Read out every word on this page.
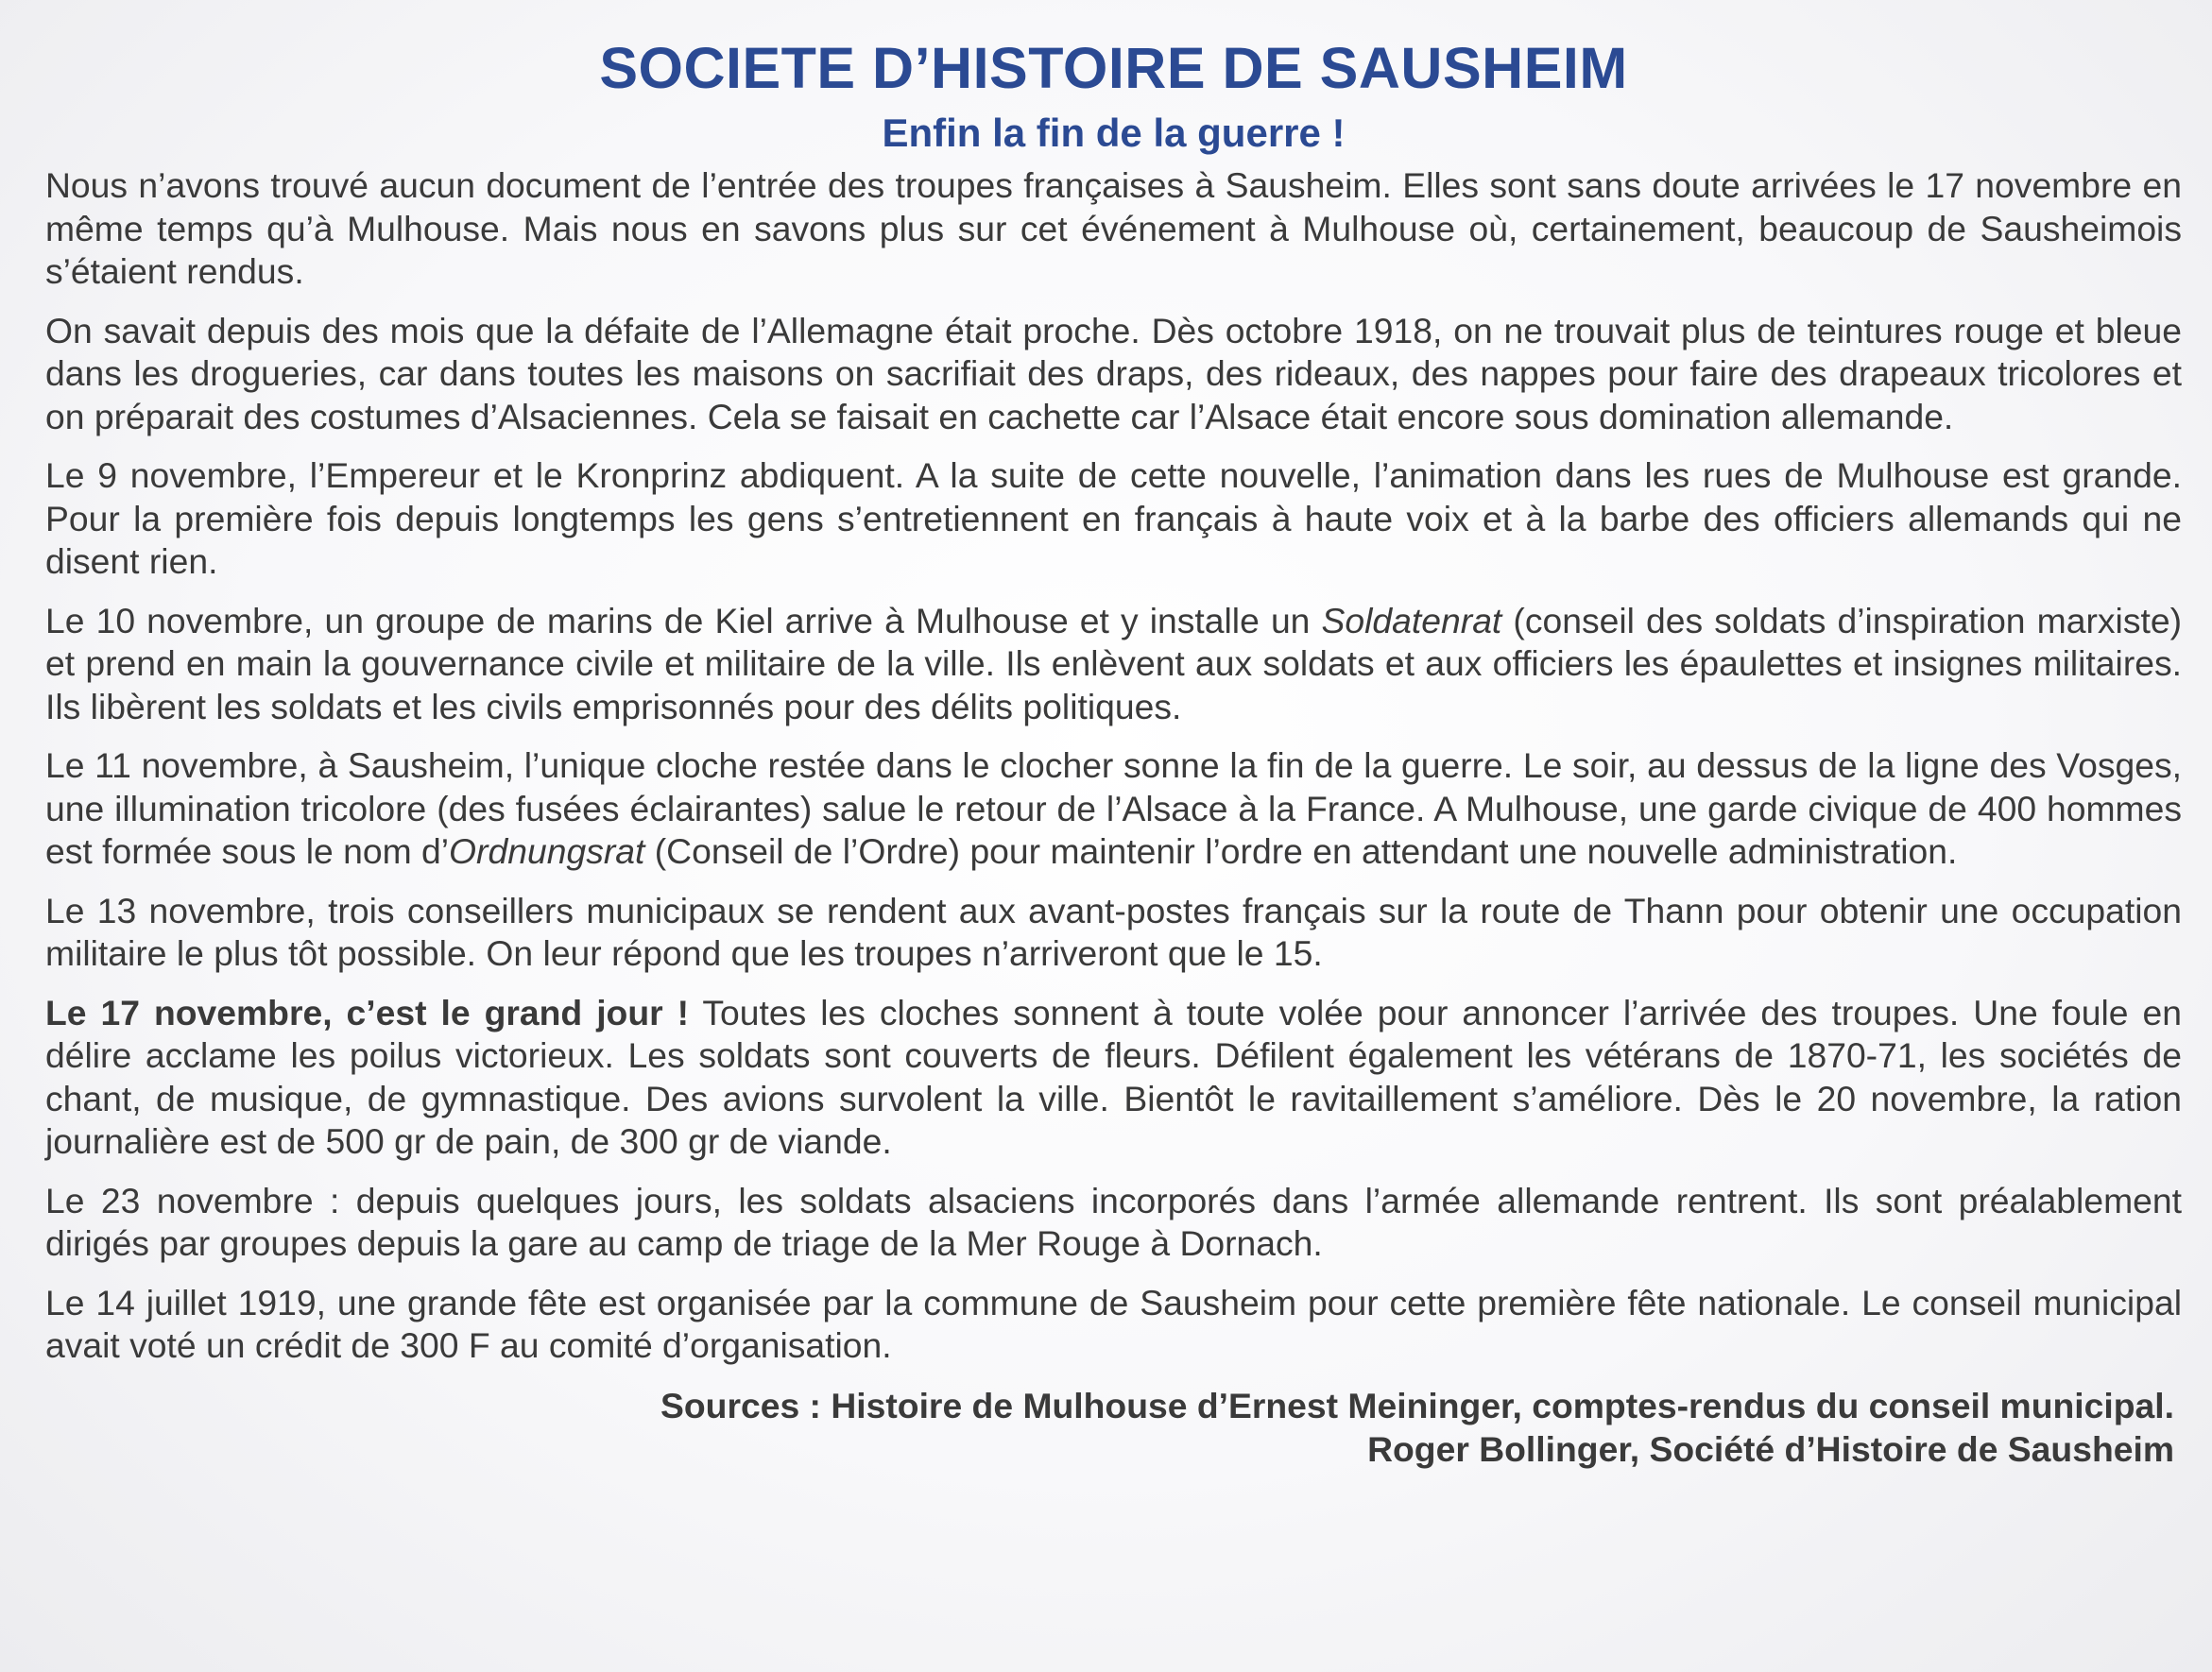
SOCIETE D’HISTOIRE DE SAUSHEIM
Enfin la fin de la guerre !

Nous n’avons trouvé aucun document de l’entrée des troupes françaises à Sausheim. Elles sont sans doute arrivées le 17 novembre en même temps qu’à Mulhouse. Mais nous en savons plus sur cet événement à Mulhouse où, certainement, beaucoup de Sausheimois s’étaient rendus.

On savait depuis des mois que la défaite de l’Allemagne était proche. Dès octobre 1918, on ne trouvait plus de teintures rouge et bleue dans les drogueries, car dans toutes les maisons on sacrifiait des draps, des rideaux, des nappes pour faire des drapeaux tricolores et on préparait des costumes d’Alsaciennes. Cela se faisait en cachette car l’Alsace était encore sous domination allemande.

Le 9 novembre, l’Empereur et le Kronprinz abdiquent. A la suite de cette nouvelle, l’animation dans les rues de Mulhouse est grande. Pour la première fois depuis longtemps les gens s’entretiennent en français à haute voix et à la barbe des officiers allemands qui ne disent rien.

Le 10 novembre, un groupe de marins de Kiel arrive à Mulhouse et y installe un Soldatenrat (conseil des soldats d’inspiration marxiste) et prend en main la gouvernance civile et militaire de la ville. Ils enlèvent aux soldats et aux officiers les épaulettes et insignes militaires. Ils libèrent les soldats et les civils emprisonnés pour des délits politiques.

Le 11 novembre, à Sausheim, l’unique cloche restée dans le clocher sonne la fin de la guerre. Le soir, au dessus de la ligne des Vosges, une illumination tricolore (des fusées éclairantes) salue le retour de l’Alsace à la France. A Mulhouse, une garde civique de 400 hommes est formée sous le nom d’Ordnungsrat (Conseil de l’Ordre) pour maintenir l’ordre en attendant une nouvelle administration.

Le 13 novembre, trois conseillers municipaux se rendent aux avant-postes français sur la route de Thann pour obtenir une occupation militaire le plus tôt possible. On leur répond que les troupes n’arriveront que le 15.

Le 17 novembre, c’est le grand jour ! Toutes les cloches sonnent à toute volée pour annoncer l’arrivée des troupes. Une foule en délire acclame les poilus victorieux. Les soldats sont couverts de fleurs. Défilent également les vétérans de 1870-71, les sociétés de chant, de musique, de gymnastique. Des avions survolent la ville. Bientôt le ravitaillement s’améliore. Dès le 20 novembre, la ration journalière est de 500 gr de pain, de 300 gr de viande.

Le 23 novembre : depuis quelques jours, les soldats alsaciens incorporés dans l’armée allemande rentrent. Ils sont préalablement dirigés par groupes depuis la gare au camp de triage de la Mer Rouge à Dornach.

Le 14 juillet 1919, une grande fête est organisée par la commune de Sausheim pour cette première fête nationale. Le conseil municipal avait voté un crédit de 300 F au comité d’organisation.

Sources : Histoire de Mulhouse d’Ernest Meininger, comptes-rendus du conseil municipal.
Roger Bollinger, Société d’Histoire de Sausheim
